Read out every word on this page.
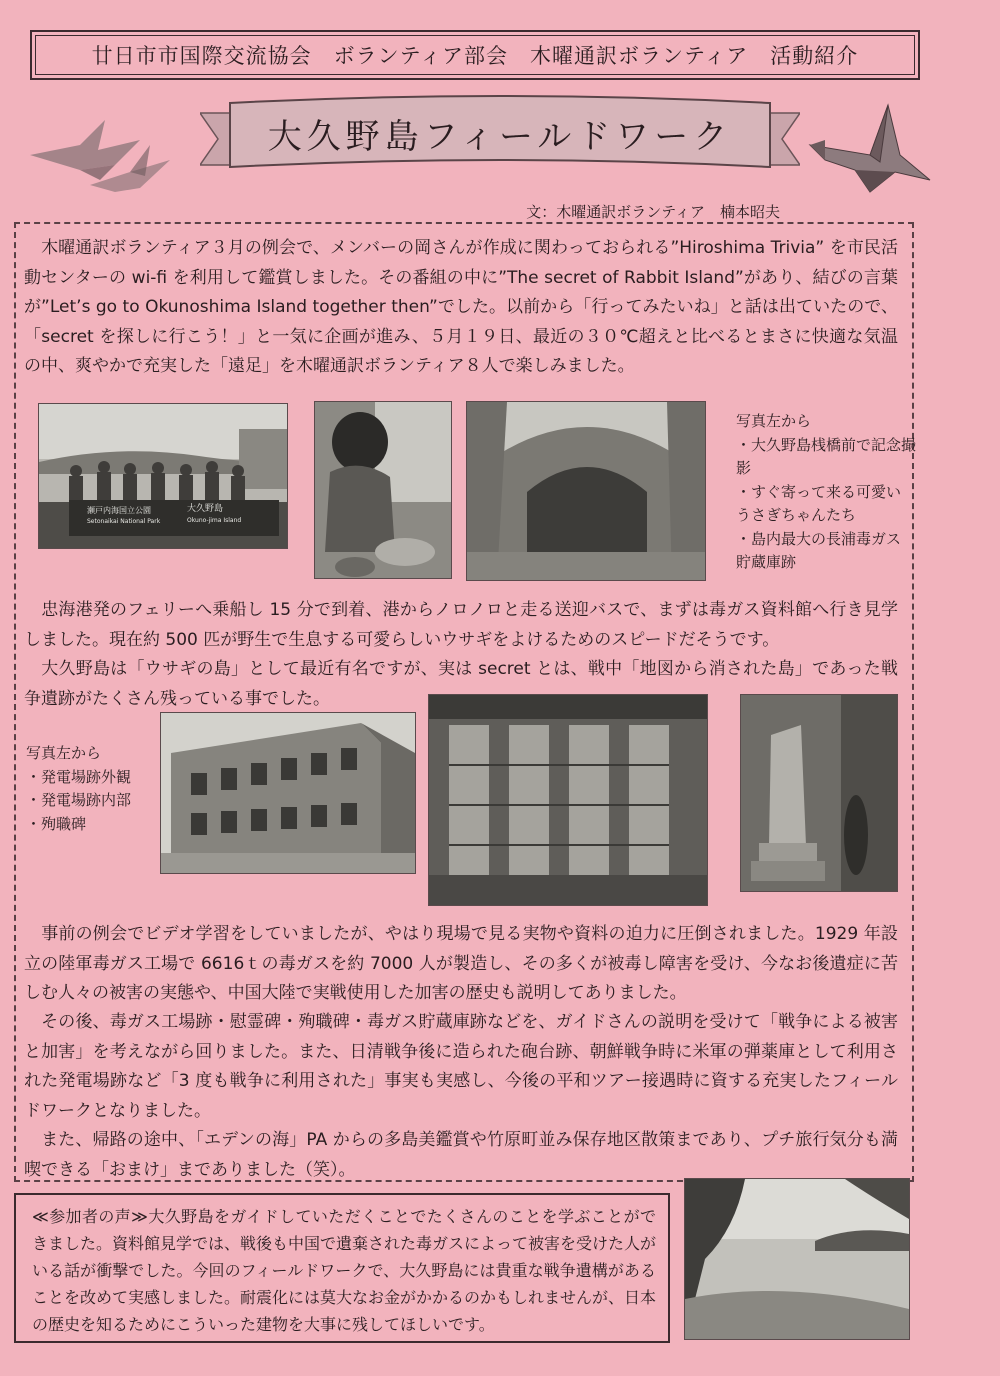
廿日市市国際交流協会　ボランティア部会　木曜通訳ボランティア　活動紹介
大久野島フィールドワーク
文：木曜通訳ボランティア　楠本昭夫

木曜通訳ボランティア３月の例会で、メンバーの岡さんが作成に関わっておられる”Hiroshima Trivia” を市民活動センターの wi-fi を利用して鑑賞しました。その番組の中に”The secret of Rabbit Island”があり、結びの言葉が”Let’s go to Okunoshima Island together then”でした。以前から「行ってみたいね」と話は出ていたので、「secret を探しに行こう！」と一気に企画が進み、５月１９日、最近の３０℃超えと比べるとまさに快適な気温の中、爽やかで充実した「遠足」を木曜通訳ボランティア８人で楽しみました。

瀬戸内海国立公園
Setonaikai National Park
大久野島
Okuno-jima Island
写真左から
・大久野島桟橋前で記念撮影
・すぐ寄って来る可愛い
うさぎちゃんたち
・島内最大の長浦毒ガス
貯蔵庫跡

忠海港発のフェリーへ乗船し 15 分で到着、港からノロノロと走る送迎バスで、まずは毒ガス資料館へ行き見学しました。現在約 500 匹が野生で生息する可愛らしいウサギをよけるためのスピードだそうです。

大久野島は「ウサギの島」として最近有名ですが、実は secret とは、戦中「地図から消された島」であった戦争遺跡がたくさん残っている事でした。

写真左から
・発電場跡外観
・発電場跡内部
・殉職碑

事前の例会でビデオ学習をしていましたが、やはり現場で見る実物や資料の迫力に圧倒されました。1929 年設立の陸軍毒ガス工場で 6616ｔの毒ガスを約 7000 人が製造し、その多くが被毒し障害を受け、今なお後遺症に苦しむ人々の被害の実態や、中国大陸で実戦使用した加害の歴史も説明してありました。

その後、毒ガス工場跡・慰霊碑・殉職碑・毒ガス貯蔵庫跡などを、ガイドさんの説明を受けて「戦争による被害と加害」を考えながら回りました。また、日清戦争後に造られた砲台跡、朝鮮戦争時に米軍の弾薬庫として利用された発電場跡など「3 度も戦争に利用された」事実も実感し、今後の平和ツアー接遇時に資する充実したフィールドワークとなりました。

また、帰路の途中、「エデンの海」PA からの多島美鑑賞や竹原町並み保存地区散策まであり、プチ旅行気分も満喫できる「おまけ」までありました（笑）。

≪参加者の声≫大久野島をガイドしていただくことでたくさんのことを学ぶことができました。資料館見学では、戦後も中国で遺棄された毒ガスによって被害を受けた人がいる話が衝撃でした。今回のフィールドワークで、大久野島には貴重な戦争遺構があることを改めて実感しました。耐震化には莫大なお金がかかるのかもしれませんが、日本の歴史を知るためにこういった建物を大事に残してほしいです。
